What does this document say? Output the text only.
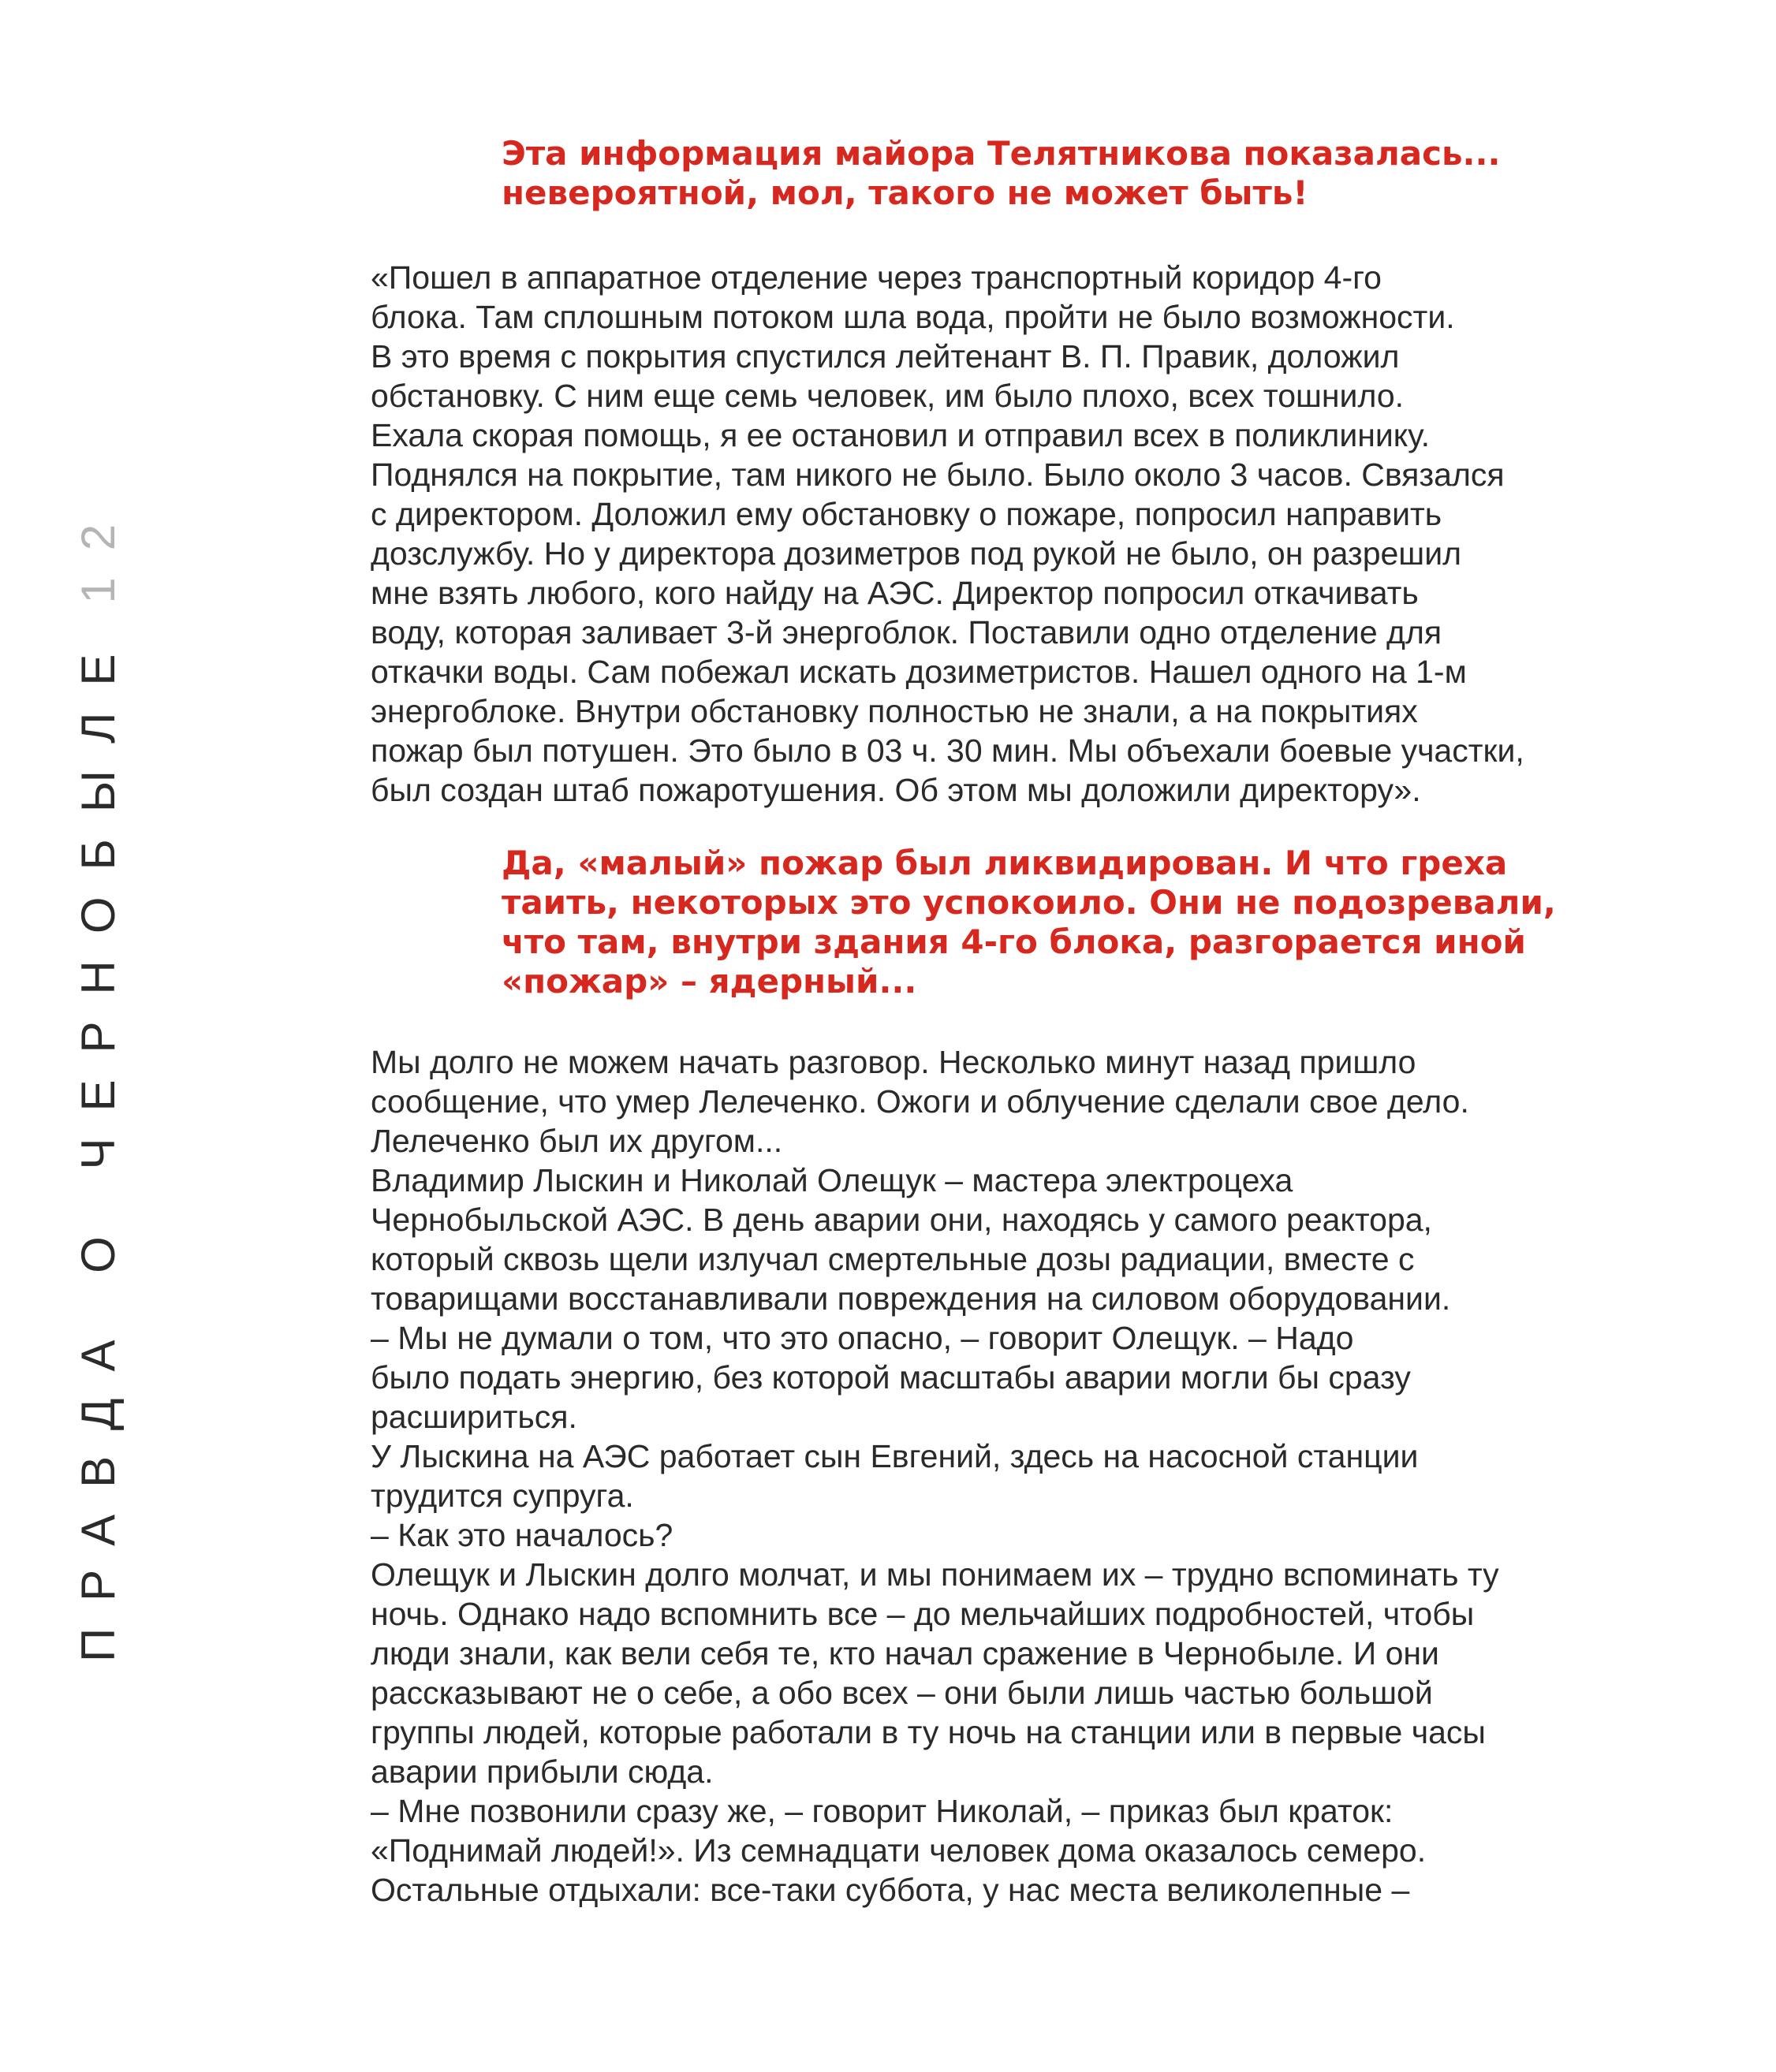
ПРАВДА О ЧЕРНОБЫЛЕ12
Эта информация майора Телятникова показалась...
невероятной, мол, такого не может быть!
«Пошел в аппаратное отделение через транспортный коридор 4-го
блока. Там сплошным потоком шла вода, пройти не было возможности.
В это время с покрытия спустился лейтенант В. П. Правик, доложил
обстановку. С ним еще семь человек, им было плохо, всех тошнило.
Ехала скорая помощь, я ее остановил и отправил всех в поликлинику.
Поднялся на покрытие, там никого не было. Было около 3 часов. Связался
с директором. Доложил ему обстановку о пожаре, попросил направить
дозслужбу. Но у директора дозиметров под рукой не было, он разрешил
мне взять любого, кого найду на АЭС. Директор попросил откачивать
воду, которая заливает 3-й энергоблок. Поставили одно отделение для
откачки воды. Сам побежал искать дозиметристов. Нашел одного на 1-м
энергоблоке. Внутри обстановку полностью не знали, а на покрытиях
пожар был потушен. Это было в 03 ч. 30 мин. Мы объехали боевые участки,
был создан штаб пожаротушения. Об этом мы доложили директору».
Да, «малый» пожар был ликвидирован. И что греха
таить, некоторых это успокоило. Они не подозревали,
что там, внутри здания 4-го блока, разгорается иной
«пожар» – ядерный...
Мы долго не можем начать разговор. Несколько минут назад пришло
сообщение, что умер Лелеченко. Ожоги и облучение сделали свое дело.
Лелеченко был их другом...
Владимир Лыскин и Николай Олещук – мастера электроцеха
Чернобыльской АЭС. В день аварии они, находясь у самого реактора,
который сквозь щели излучал смертельные дозы радиации, вместе с
товарищами восстанавливали повреждения на силовом оборудовании.
– Мы не думали о том, что это опасно, – говорит Олещук. – Надо
было подать энергию, без которой масштабы аварии могли бы сразу
расшириться.
У Лыскина на АЭС работает сын Евгений, здесь на насосной станции
трудится супруга.
– Как это началось?
Олещук и Лыскин долго молчат, и мы понимаем их – трудно вспоминать ту
ночь. Однако надо вспомнить все – до мельчайших подробностей, чтобы
люди знали, как вели себя те, кто начал сражение в Чернобыле. И они
рассказывают не о себе, а обо всех – они были лишь частью большой
группы людей, которые работали в ту ночь на станции или в первые часы
аварии прибыли сюда.
– Мне позвонили сразу же, – говорит Николай, – приказ был краток:
«Поднимай людей!». Из семнадцати человек дома оказалось семеро.
Остальные отдыхали: все-таки суббота, у нас места великолепные –
